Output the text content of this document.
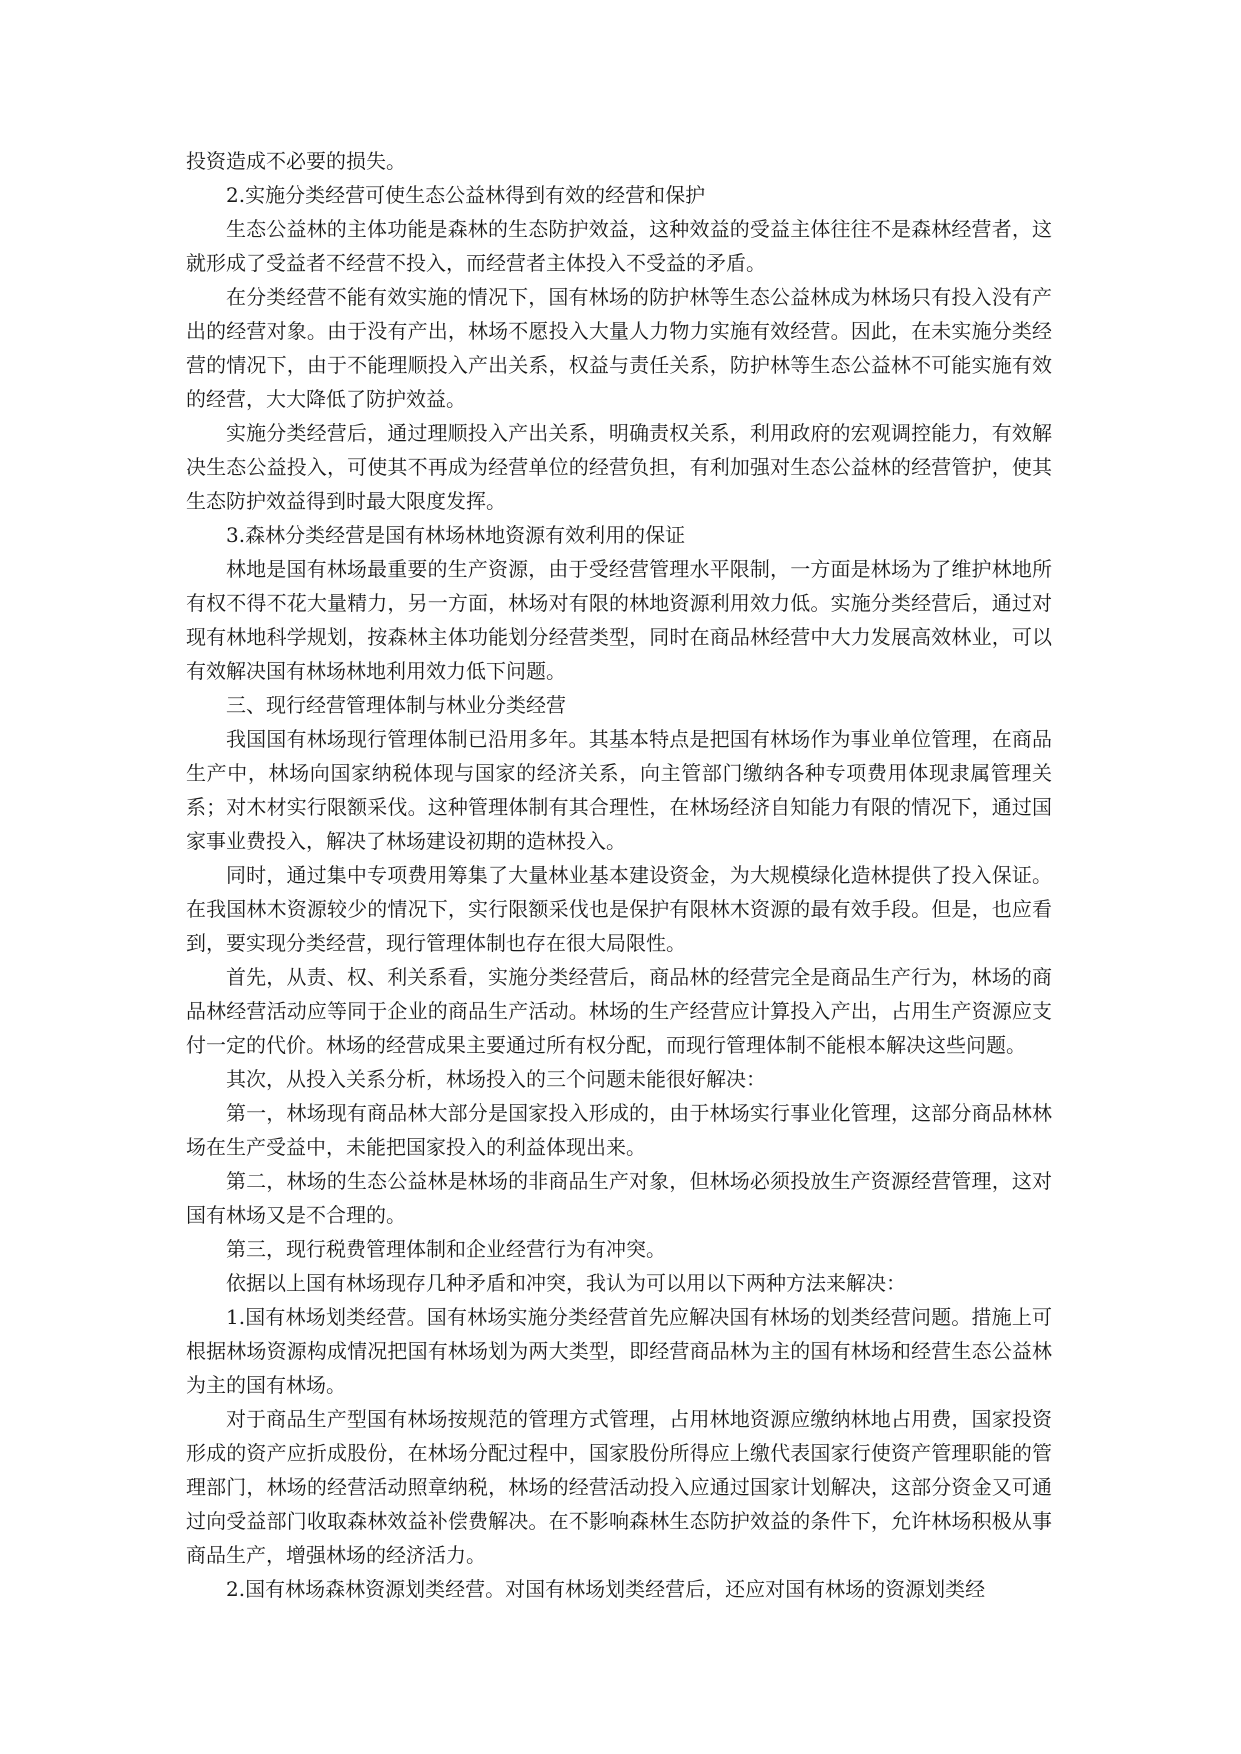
投资造成不必要的损失。

2.实施分类经营可使生态公益林得到有效的经营和保护

生态公益林的主体功能是森林的生态防护效益，这种效益的受益主体往往不是森林经营者，这就形成了受益者不经营不投入，而经营者主体投入不受益的矛盾。

在分类经营不能有效实施的情况下，国有林场的防护林等生态公益林成为林场只有投入没有产出的经营对象。由于没有产出，林场不愿投入大量人力物力实施有效经营。因此，在未实施分类经营的情况下，由于不能理顺投入产出关系，权益与责任关系，防护林等生态公益林不可能实施有效的经营，大大降低了防护效益。

实施分类经营后，通过理顺投入产出关系，明确责权关系，利用政府的宏观调控能力，有效解决生态公益投入，可使其不再成为经营单位的经营负担，有利加强对生态公益林的经营管护，使其生态防护效益得到时最大限度发挥。

3.森林分类经营是国有林场林地资源有效利用的保证

林地是国有林场最重要的生产资源，由于受经营管理水平限制，一方面是林场为了维护林地所有权不得不花大量精力，另一方面，林场对有限的林地资源利用效力低。实施分类经营后，通过对现有林地科学规划，按森林主体功能划分经营类型，同时在商品林经营中大力发展高效林业，可以有效解决国有林场林地利用效力低下问题。

三、现行经营管理体制与林业分类经营

我国国有林场现行管理体制已沿用多年。其基本特点是把国有林场作为事业单位管理，在商品生产中，林场向国家纳税体现与国家的经济关系，向主管部门缴纳各种专项费用体现隶属管理关系；对木材实行限额采伐。这种管理体制有其合理性，在林场经济自知能力有限的情况下，通过国家事业费投入，解决了林场建设初期的造林投入。

同时，通过集中专项费用筹集了大量林业基本建设资金，为大规模绿化造林提供了投入保证。在我国林木资源较少的情况下，实行限额采伐也是保护有限林木资源的最有效手段。但是，也应看到，要实现分类经营，现行管理体制也存在很大局限性。

首先，从责、权、利关系看，实施分类经营后，商品林的经营完全是商品生产行为，林场的商品林经营活动应等同于企业的商品生产活动。林场的生产经营应计算投入产出，占用生产资源应支付一定的代价。林场的经营成果主要通过所有权分配，而现行管理体制不能根本解决这些问题。

其次，从投入关系分析，林场投入的三个问题未能很好解决：

第一，林场现有商品林大部分是国家投入形成的，由于林场实行事业化管理，这部分商品林林场在生产受益中，未能把国家投入的利益体现出来。

第二，林场的生态公益林是林场的非商品生产对象，但林场必须投放生产资源经营管理，这对国有林场又是不合理的。

第三，现行税费管理体制和企业经营行为有冲突。

依据以上国有林场现存几种矛盾和冲突，我认为可以用以下两种方法来解决：

1.国有林场划类经营。国有林场实施分类经营首先应解决国有林场的划类经营问题。措施上可根据林场资源构成情况把国有林场划为两大类型，即经营商品林为主的国有林场和经营生态公益林为主的国有林场。

对于商品生产型国有林场按规范的管理方式管理，占用林地资源应缴纳林地占用费，国家投资形成的资产应折成股份，在林场分配过程中，国家股份所得应上缴代表国家行使资产管理职能的管理部门，林场的经营活动照章纳税，林场的经营活动投入应通过国家计划解决，这部分资金又可通过向受益部门收取森林效益补偿费解决。在不影响森林生态防护效益的条件下，允许林场积极从事商品生产，增强林场的经济活力。

2.国有林场森林资源划类经营。对国有林场划类经营后，还应对国有林场的资源划类经
